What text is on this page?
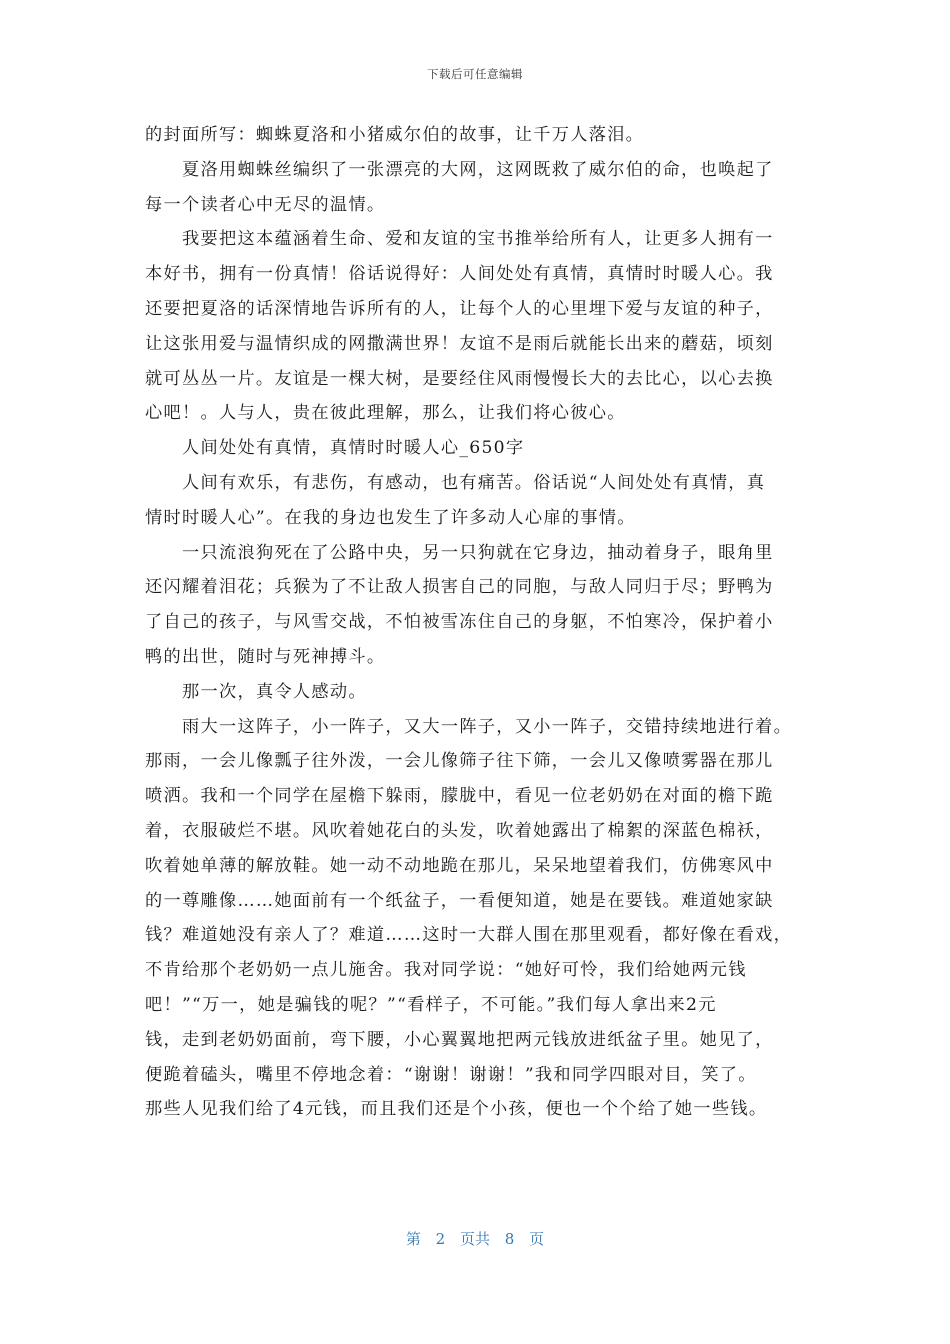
下载后可任意编辑
的封面所写：蜘蛛夏洛和小猪威尔伯的故事，让千万人落泪。
夏洛用蜘蛛丝编织了一张漂亮的大网，这网既救了威尔伯的命，也唤起了
每一个读者心中无尽的温情。
我要把这本蕴涵着生命、爱和友谊的宝书推举给所有人，让更多人拥有一
本好书，拥有一份真情！俗话说得好：人间处处有真情，真情时时暖人心。我
还要把夏洛的话深情地告诉所有的人，让每个人的心里埋下爱与友谊的种子，
让这张用爱与温情织成的网撒满世界！友谊不是雨后就能长出来的蘑菇，顷刻
就可丛丛一片。友谊是一棵大树，是要经住风雨慢慢长大的去比心，以心去换
心吧！。人与人，贵在彼此理解，那么，让我们将心彼心。
人间处处有真情，真情时时暖人心_650字
人间有欢乐，有悲伤，有感动，也有痛苦。俗话说“人间处处有真情，真
情时时暖人心”。在我的身边也发生了许多动人心扉的事情。
一只流浪狗死在了公路中央，另一只狗就在它身边，抽动着身子，眼角里
还闪耀着泪花；兵猴为了不让敌人损害自己的同胞，与敌人同归于尽；野鸭为
了自己的孩子，与风雪交战，不怕被雪冻住自己的身躯，不怕寒冷，保护着小
鸭的出世，随时与死神搏斗。
那一次，真令人感动。
雨大一这阵子，小一阵子，又大一阵子，又小一阵子，交错持续地进行着。
那雨，一会儿像瓢子往外泼，一会儿像筛子往下筛，一会儿又像喷雾器在那儿
喷洒。我和一个同学在屋檐下躲雨，朦胧中，看见一位老奶奶在对面的檐下跪
着，衣服破烂不堪。风吹着她花白的头发，吹着她露出了棉絮的深蓝色棉袄，
吹着她单薄的解放鞋。她一动不动地跪在那儿，呆呆地望着我们，仿佛寒风中
的一尊雕像……她面前有一个纸盆子，一看便知道，她是在要钱。难道她家缺
钱？难道她没有亲人了？难道……这时一大群人围在那里观看，都好像在看戏，
不肯给那个老奶奶一点儿施舍。我对同学说：“她好可怜，我们给她两元钱
吧！”“万一，她是骗钱的呢？”“看样子，不可能。”我们每人拿出来2元
钱，走到老奶奶面前，弯下腰，小心翼翼地把两元钱放进纸盆子里。她见了，
便跪着磕头，嘴里不停地念着：“谢谢！谢谢！”我和同学四眼对目，笑了。
那些人见我们给了4元钱，而且我们还是个小孩，便也一个个给了她一些钱。
第 2 页共 8 页
